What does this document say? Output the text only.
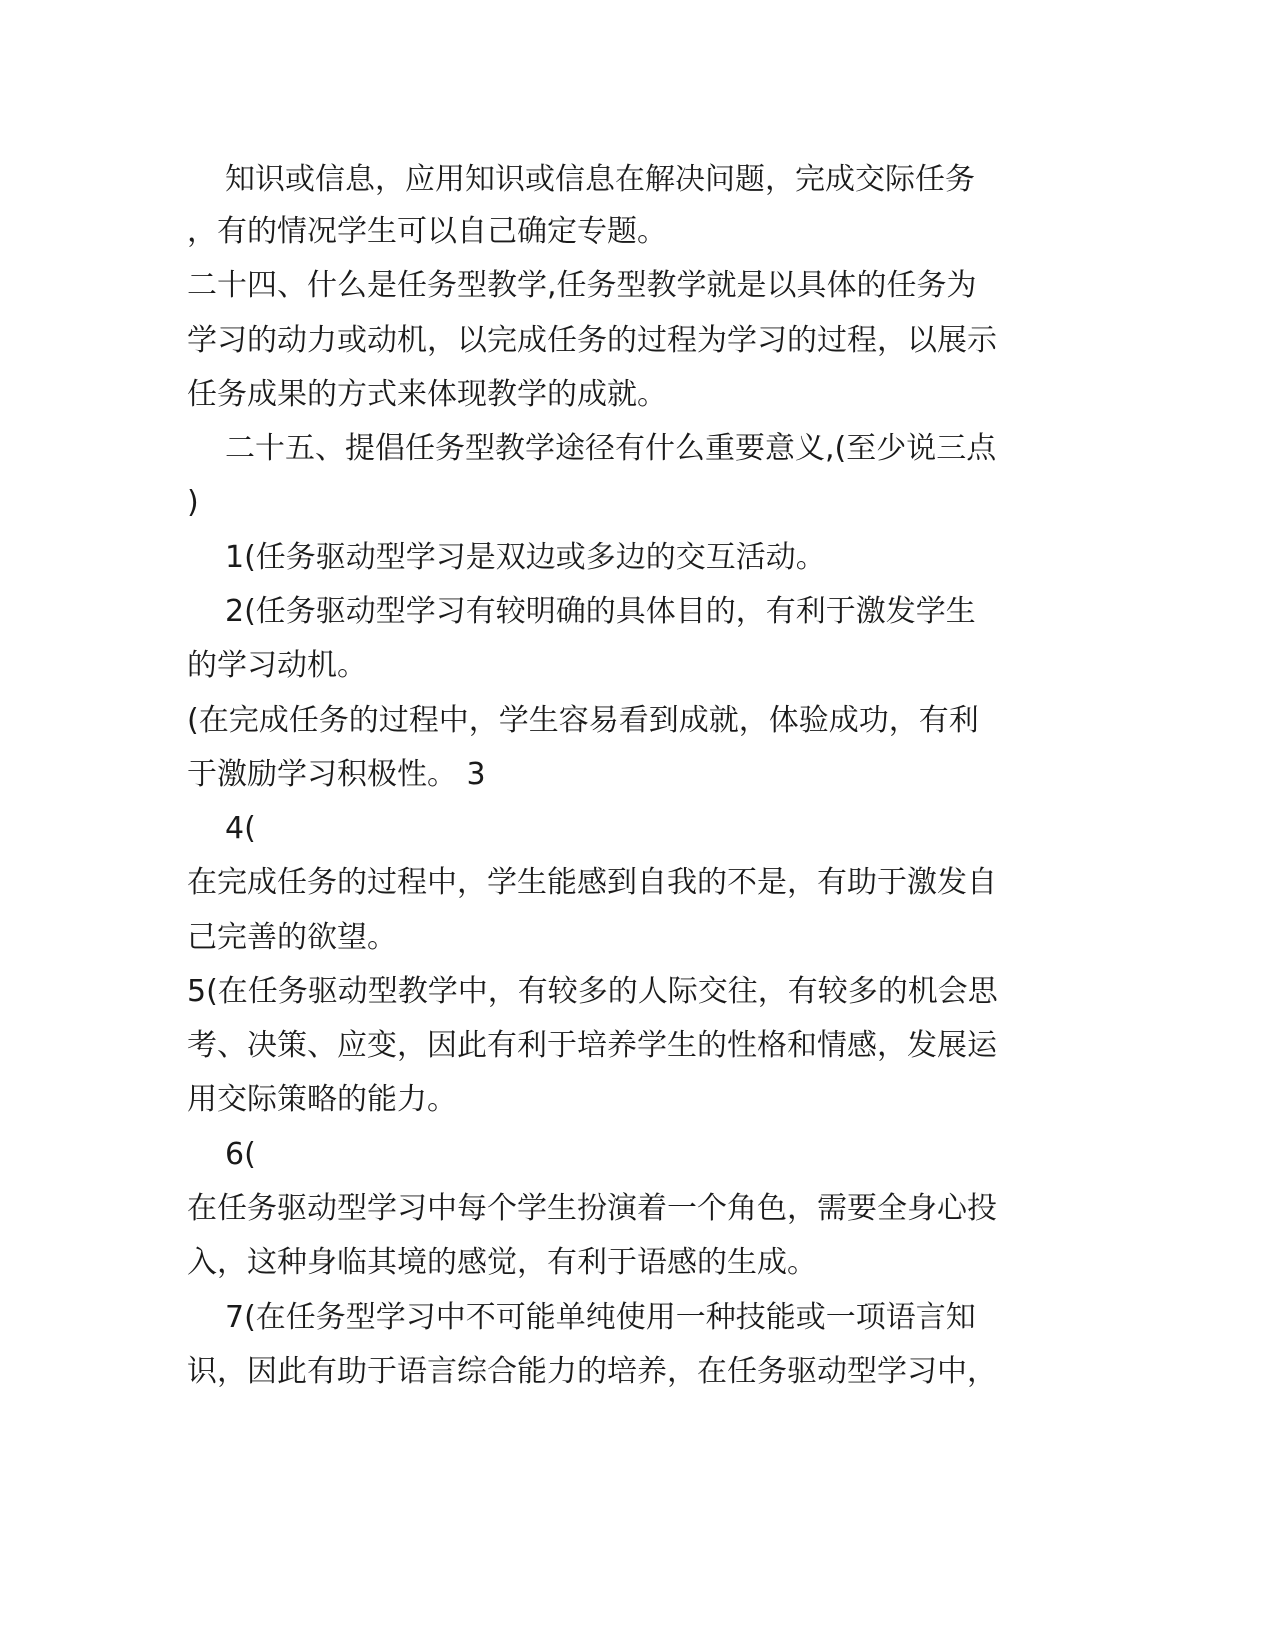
知识或信息，应用知识或信息在解决问题，完成交际任务
，有的情况学生可以自己确定专题。
二十四、什么是任务型教学,任务型教学就是以具体的任务为
学习的动力或动机，以完成任务的过程为学习的过程，以展示
任务成果的方式来体现教学的成就。
二十五、提倡任务型教学途径有什么重要意义,(至少说三点
)
1(任务驱动型学习是双边或多边的交互活动。
2(任务驱动型学习有较明确的具体目的，有利于激发学生
的学习动机。
(在完成任务的过程中，学生容易看到成就，体验成功，有利
于激励学习积极性。 3
4(
在完成任务的过程中，学生能感到自我的不是，有助于激发自
己完善的欲望。
5(在任务驱动型教学中，有较多的人际交往，有较多的机会思
考、决策、应变，因此有利于培养学生的性格和情感，发展运
用交际策略的能力。
6(
在任务驱动型学习中每个学生扮演着一个角色，需要全身心投
入，这种身临其境的感觉，有利于语感的生成。
7(在任务型学习中不可能单纯使用一种技能或一项语言知
识，因此有助于语言综合能力的培养，在任务驱动型学习中，
